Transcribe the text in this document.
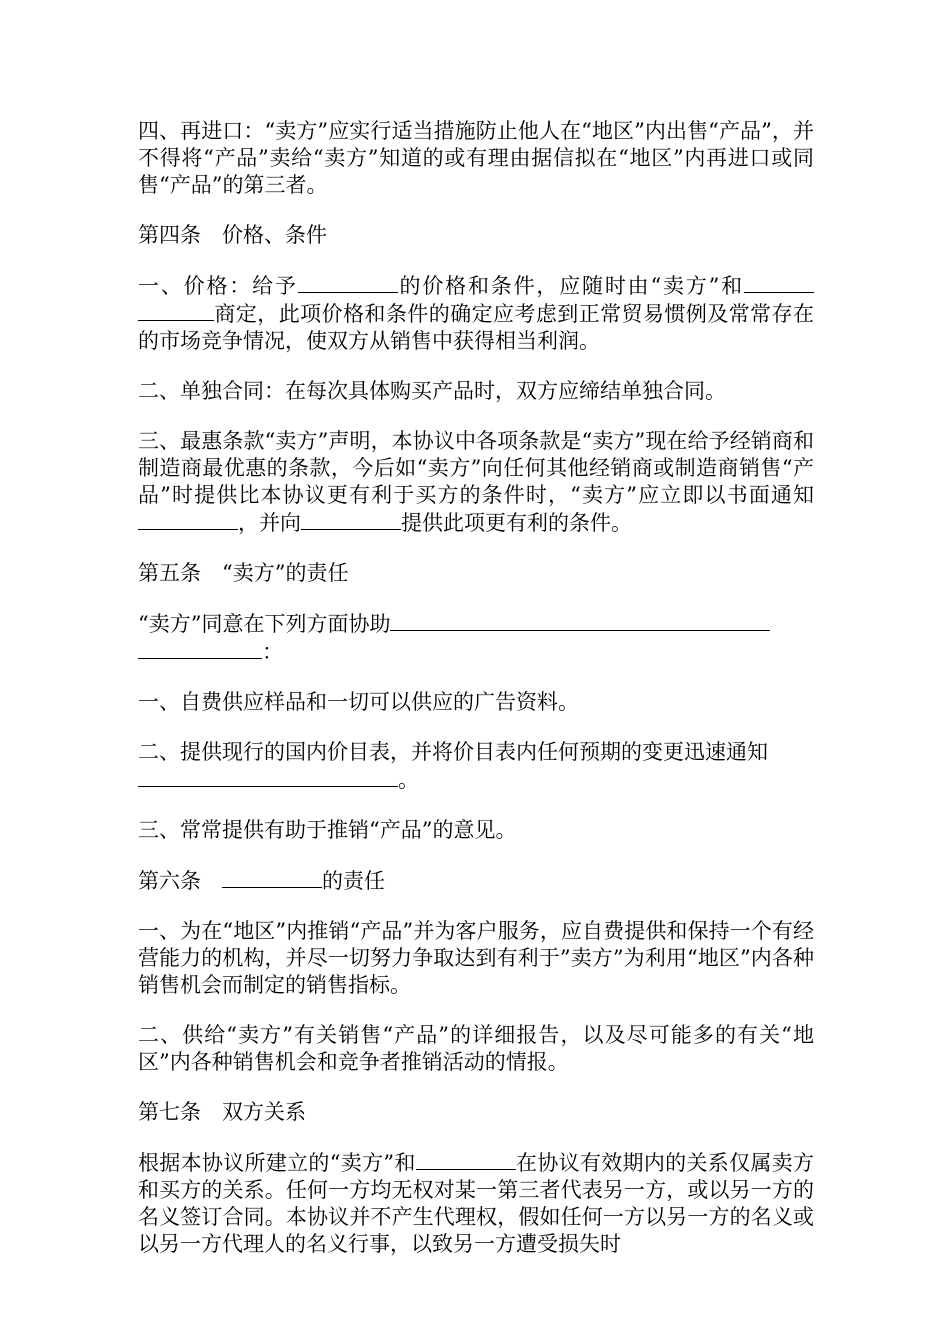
四、再进口：“卖方”应实行适当措施防止他人在“地区”内出售“产品”，并不得将“产品”卖给“卖方”知道的或有理由据信拟在“地区”内再进口或同售“产品”的第三者。

第四条　价格、条件

一、价格：给予	的价格和条件，应随时由“卖方”和商定，此项价格和条件的确定应考虑到正常贸易惯例及常常存在的市场竞争情况，使双方从销售中获得相当利润。

二、单独合同：在每次具体购买产品时，双方应缔结单独合同。

三、最惠条款“卖方”声明，本协议中各项条款是“卖方”现在给予经销商和制造商最优惠的条款，今后如“卖方”向任何其他经销商或制造商销售“产品”时提供比本协议更有利于买方的条件时，“卖方”应立即以书面通知，并向	提供此项更有利的条件。

第五条　“卖方”的责任

“卖方”同意在下列方面协助
：

一、自费供应样品和一切可以供应的广告资料。

二、提供现行的国内价目表，并将价目表内任何预期的变更迅速通知
。

三、常常提供有助于推销“产品”的意见。

第六条　	的责任

一、为在“地区”内推销“产品”并为客户服务，应自费提供和保持一个有经营能力的机构，并尽一切努力争取达到有利于”卖方”为利用“地区”内各种销售机会而制定的销售指标。

二、供给“卖方”有关销售“产品”的详细报告，以及尽可能多的有关“地区”内各种销售机会和竞争者推销活动的情报。

第七条　双方关系

根据本协议所建立的“卖方”和	在协议有效期内的关系仅属卖方和买方的关系。任何一方均无权对某一第三者代表另一方，或以另一方的名义签订合同。本协议并不产生代理权，假如任何一方以另一方的名义或以另一方代理人的名义行事，以致另一方遭受损失时
